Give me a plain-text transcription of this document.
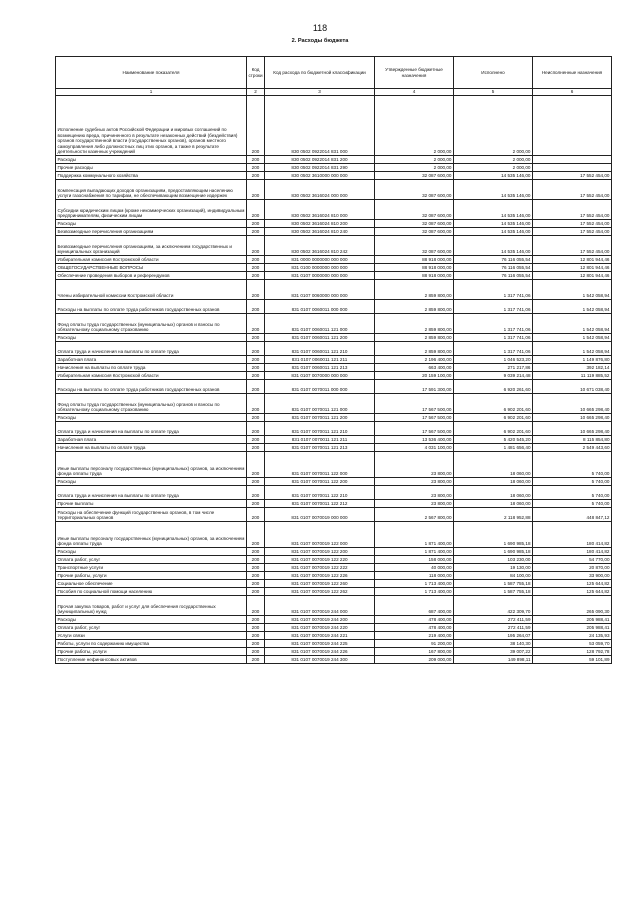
118
2. Расходы бюджета
Наименование показателя	Код строки	Код расхода по бюджетной классификации	Утвержденные бюджетные назначения	Исполнено	Неисполненные назначения
1	2	3	4	5	6
Исполнение судебных актов Российской Федерации и мировых соглашений по возмещению вреда, причиненного в результате незаконных действий (бездействия) органов государственной власти (государственных органов), органов местного самоуправления либо должностных лиц этих органов, а также в результате деятельности казенных учреждений	200	830 0502 0922014 831 000	2 000,00	2 000,00	
Расходы	200	830 0502 0922014 831 200	2 000,00	2 000,00	
Прочие расходы	200	830 0502 0922014 831 290	2 000,00	2 000,00	
Поддержка коммунального хозяйства	200	830 0502 3610000 000 000	32 087 600,00	14 535 146,00	17 552 454,00
Компенсация выпадающих доходов организациям, предоставляющим населению услуги газоснабжения по тарифам, не обеспечивающим возмещение издержек	200	830 0502 3616024 000 000	32 087 600,00	14 535 146,00	17 552 454,00
Субсидии юридическим лицам (кроме некоммерческих организаций), индивидуальным предпринимателям, физическим лицам	200	830 0502 3616024 810 000	32 087 600,00	14 535 146,00	17 552 454,00
Расходы	200	830 0502 3616024 810 200	32 087 600,00	14 535 146,00	17 552 454,00
Безвозмездные перечисления организациям	200	830 0502 3616024 810 240	32 087 600,00	14 535 146,00	17 552 454,00
Безвозмездные перечисления организациям, за исключением государственных и муниципальных организаций	200	830 0502 3616024 810 242	32 087 600,00	14 535 146,00	17 552 454,00
Избирательная комиссия Костромской области	200	831 0000 0000000 000 000	88 918 000,00	76 116 055,54	12 801 944,46
ОБЩЕГОСУДАРСТВЕННЫЕ ВОПРОСЫ	200	831 0100 0000000 000 000	88 918 000,00	76 116 055,54	12 801 944,46
Обеспечение проведения выборов и референдумов	200	831 0107 0000000 000 000	88 918 000,00	76 116 055,54	12 801 944,46
Члены избирательной комиссии Костромской области	200	831 0107 0060000 000 000	2 859 800,00	1 317 741,06	1 542 058,94
Расходы на выплаты по оплате труда работников государственных органов	200	831 0107 0060011 000 000	2 859 800,00	1 317 741,06	1 542 058,94
Фонд оплаты труда государственных (муниципальных) органов и взносы по обязательному социальному страхованию	200	831 0107 0060011 121 000	2 859 800,00	1 317 741,06	1 542 058,94
Расходы	200	831 0107 0060011 121 200	2 859 800,00	1 317 741,06	1 542 058,94
Оплата труда и начисления на выплаты по оплате труда	200	831 0107 0060011 121 210	2 859 800,00	1 317 741,06	1 542 058,94
Заработная плата	200	831 0107 0060011 121 211	2 196 400,00	1 046 523,20	1 149 876,80
Начисления на выплаты по оплате труда	200	831 0107 0060011 121 213	663 400,00	271 217,86	392 182,14
Избирательная комиссия Костромской области	200	831 0107 0070000 000 000	20 159 100,00	9 039 214,48	11 119 885,52
Расходы на выплаты по оплате труда работников государственных органов	200	831 0107 0070011 000 000	17 591 300,00	6 920 261,60	10 671 038,40
Фонд оплаты труда государственных (муниципальных) органов и взносы по обязательному социальному страхованию	200	831 0107 0070011 121 000	17 567 500,00	6 902 201,60	10 665 298,40
Расходы	200	831 0107 0070011 121 200	17 567 500,00	6 902 201,60	10 665 298,40
Оплата труда и начисления на выплаты по оплате труда	200	831 0107 0070011 121 210	17 567 500,00	6 902 201,60	10 665 298,40
Заработная плата	200	831 0107 0070011 121 211	13 536 400,00	5 420 545,20	8 115 854,80
Начисления на выплаты по оплате труда	200	831 0107 0070011 121 213	4 031 100,00	1 481 656,40	2 549 443,60
Иные выплаты персоналу государственных (муниципальных) органов, за исключением фонда оплаты труда	200	831 0107 0070011 122 000	23 800,00	18 060,00	5 740,00
Расходы	200	831 0107 0070011 122 200	23 800,00	18 060,00	5 740,00
Оплата труда и начисления на выплаты по оплате труда	200	831 0107 0070011 122 210	23 800,00	18 060,00	5 740,00
Прочие выплаты	200	831 0107 0070011 122 212	23 800,00	18 060,00	5 740,00
Расходы на обеспечение функций государственных органов, в том числе территориальных органов	200	831 0107 0070019 000 000	2 567 800,00	2 118 952,88	448 847,12
Иные выплаты персоналу государственных (муниципальных) органов, за исключением фонда оплаты труда	200	831 0107 0070019 122 000	1 871 400,00	1 690 985,18	180 414,82
Расходы	200	831 0107 0070019 122 200	1 871 400,00	1 690 985,18	180 414,82
Оплата работ, услуг	200	831 0107 0070019 122 220	158 000,00	103 230,00	54 770,00
Транспортные услуги	200	831 0107 0070019 122 222	40 000,00	19 130,00	20 870,00
Прочие работы, услуги	200	831 0107 0070019 122 226	118 000,00	84 100,00	33 900,00
Социальное обеспечение	200	831 0107 0070019 122 260	1 713 400,00	1 587 755,18	125 644,82
Пособия по социальной помощи населению	200	831 0107 0070019 122 262	1 713 400,00	1 587 755,18	125 644,82
Прочая закупка товаров, работ и услуг для обеспечения государственных (муниципальных) нужд	200	831 0107 0070019 244 000	687 400,00	422 309,70	265 090,30
Расходы	200	831 0107 0070019 244 200	478 400,00	272 411,59	205 988,41
Оплата работ, услуг	200	831 0107 0070019 244 220	478 400,00	272 411,59	205 988,41
Услуги связи	200	831 0107 0070019 244 221	219 400,00	195 264,07	24 135,93
Работы, услуги по содержанию имущества	200	831 0107 0070019 244 225	91 200,00	38 140,30	53 059,70
Прочие работы, услуги	200	831 0107 0070019 244 226	167 800,00	39 007,22	128 792,78
Поступление нефинансовых активов	200	831 0107 0070019 244 300	209 000,00	149 898,11	59 101,89
